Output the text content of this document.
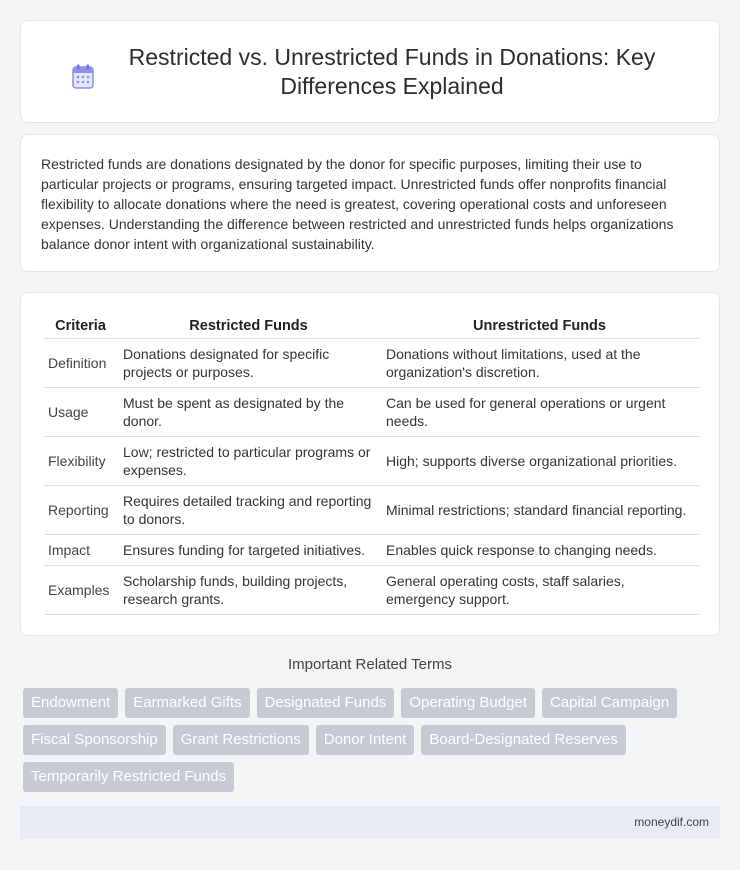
Restricted vs. Unrestricted Funds in Donations: Key Differences Explained

Restricted funds are donations designated by the donor for specific purposes, limiting their use to particular projects or programs, ensuring targeted impact. Unrestricted funds offer nonprofits financial flexibility to allocate donations where the need is greatest, covering operational costs and unforeseen expenses. Understanding the difference between restricted and unrestricted funds helps organizations balance donor intent with organizational sustainability.

Criteria	Restricted Funds	Unrestricted Funds
Definition	Donations designated for specific projects or purposes.	Donations without limitations, used at the organization's discretion.
Usage	Must be spent as designated by the donor.	Can be used for general operations or urgent needs.
Flexibility	Low; restricted to particular programs or expenses.	High; supports diverse organizational priorities.
Reporting	Requires detailed tracking and reporting to donors.	Minimal restrictions; standard financial reporting.
Impact	Ensures funding for targeted initiatives.	Enables quick response to changing needs.
Examples	Scholarship funds, building projects, research grants.	General operating costs, staff salaries, emergency support.
Important Related Terms
Endowment	Earmarked Gifts	Designated Funds	Operating Budget	Capital Campaign
Fiscal Sponsorship	Grant Restrictions	Donor Intent	Board-Designated Reserves
Temporarily Restricted Funds
moneydif.com
